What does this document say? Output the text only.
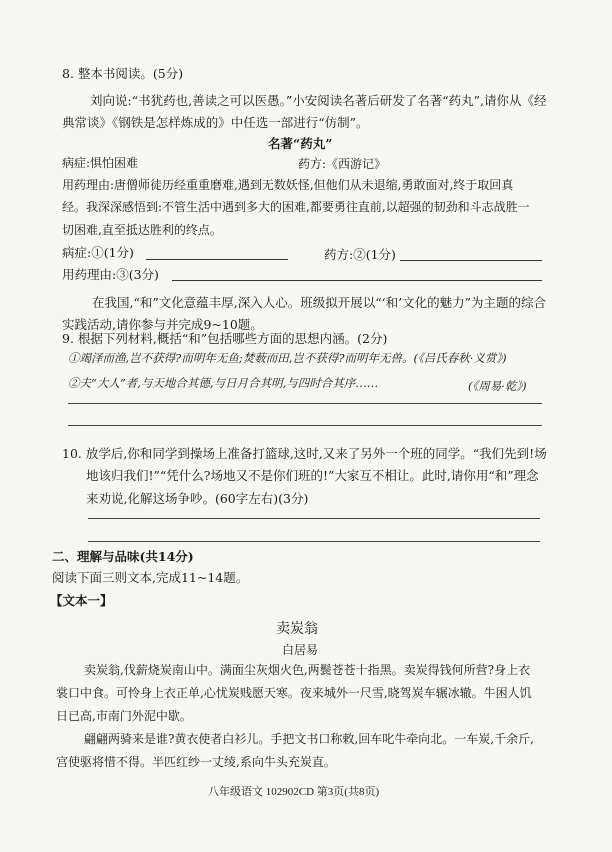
8. 整本书阅读。(5分)
刘向说:“书犹药也,善读之可以医愚。”小安阅读名著后研发了名著“药丸”,请你从《经
典常谈》《钢铁是怎样炼成的》中任选一部进行“仿制”。
名著“药丸”
病症:惧怕困难	药方:《西游记》
用药理由:唐僧师徒历经重重磨难,遇到无数妖怪,但他们从未退缩,勇敢面对,终于取回真
经。我深深感悟到:不管生活中遇到多大的困难,都要勇往直前,以超强的韧劲和斗志战胜一
切困难,直至抵达胜利的终点。
病症:①(1分)	药方:②(1分)
用药理由:③(3分)
在我国,“和”文化意蕴丰厚,深入人心。班级拟开展以“‘和’文化的魅力”为主题的综合
实践活动,请你参与并完成9~10题。
9. 根据下列材料,概括“和”包括哪些方面的思想内涵。(2分)
①竭泽而渔,岂不获得?而明年无鱼;焚薮而田,岂不获得?而明年无兽。(《吕氏春秋·义赏》)
②夫“大人”者,与天地合其德,与日月合其明,与四时合其序……	(《周易·乾》)
10. 放学后,你和同学到操场上准备打篮球,这时,又来了另外一个班的同学。“我们先到!场
地该归我们!”“凭什么?场地又不是你们班的!”大家互不相让。此时,请你用“和”理念
来劝说,化解这场争吵。(60字左右)(3分)
二、理解与品味(共14分)
阅读下面三则文本,完成11~14题。
【文本一】
卖炭翁
白居易
卖炭翁,伐薪烧炭南山中。满面尘灰烟火色,两鬓苍苍十指黑。卖炭得钱何所营?身上衣
裳口中食。可怜身上衣正单,心忧炭贱愿天寒。夜来城外一尺雪,晓驾炭车辗冰辙。牛困人饥
日已高,市南门外泥中歇。
翩翩两骑来是谁?黄衣使者白衫儿。手把文书口称敕,回车叱牛牵向北。一车炭,千余斤,
宫使驱将惜不得。半匹红纱一丈绫,系向牛头充炭直。
八年级语文 102902CD 第3页(共8页)
